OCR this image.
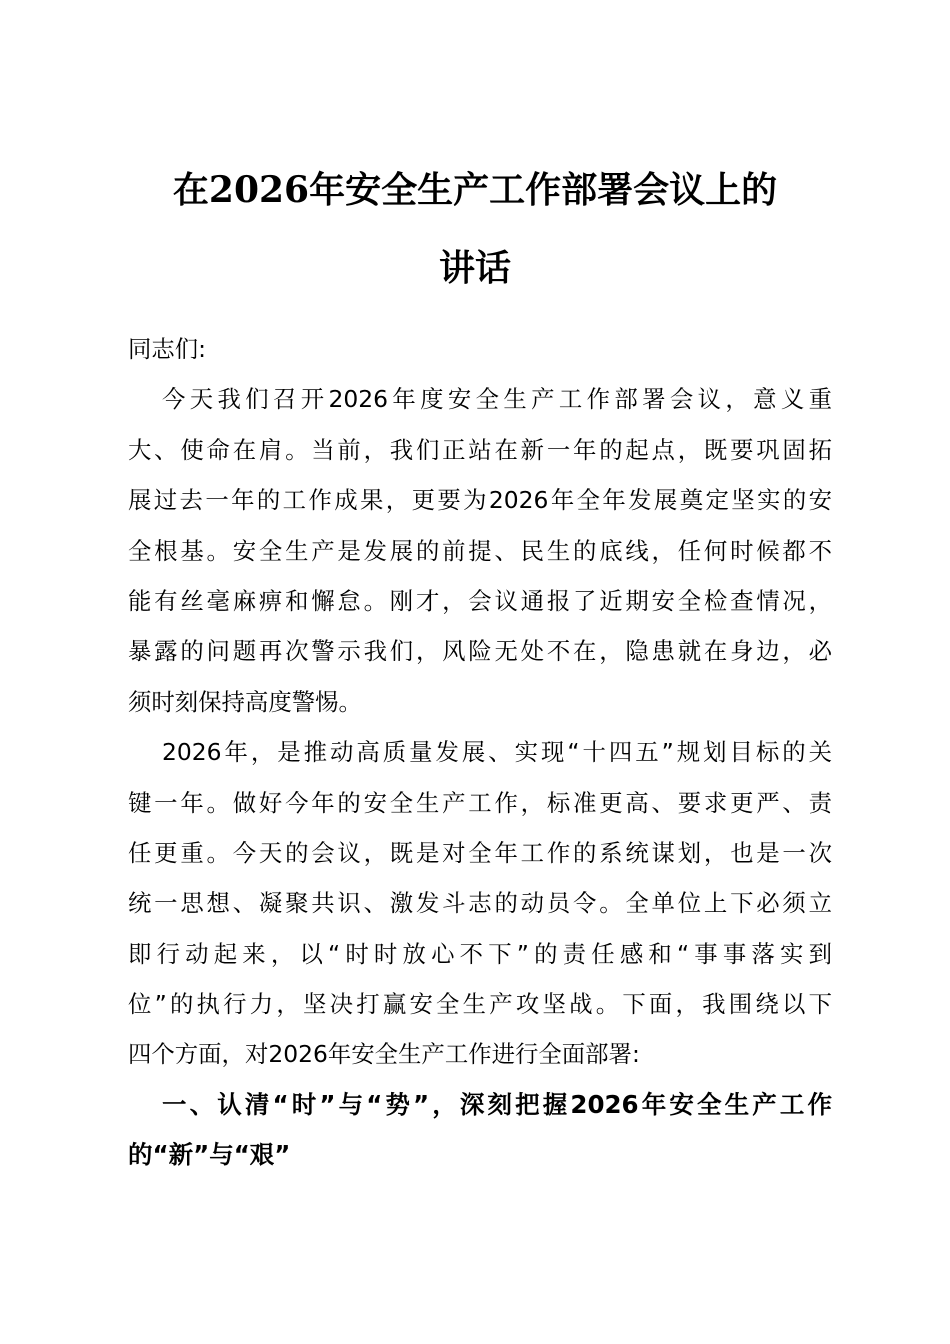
在2026年安全生产工作部署会议上的
讲话
同志们:
今天我们召开2026年度安全生产工作部署会议，意义重
大、使命在肩。当前，我们正站在新一年的起点，既要巩固拓
展过去一年的工作成果，更要为2026年全年发展奠定坚实的安
全根基。安全生产是发展的前提、民生的底线，任何时候都不
能有丝毫麻痹和懈怠。刚才，会议通报了近期安全检查情况，
暴露的问题再次警示我们，风险无处不在，隐患就在身边，必
须时刻保持高度警惕。
2026年，是推动高质量发展、实现“十四五”规划目标的关
键一年。做好今年的安全生产工作，标准更高、要求更严、责
任更重。今天的会议，既是对全年工作的系统谋划，也是一次
统一思想、凝聚共识、激发斗志的动员令。全单位上下必须立
即行动起来，以“时时放心不下”的责任感和“事事落实到
位”的执行力，坚决打赢安全生产攻坚战。下面，我围绕以下
四个方面，对2026年安全生产工作进行全面部署:
一、认清“时”与“势”，深刻把握2026年安全生产工作
的“新”与“艰”
